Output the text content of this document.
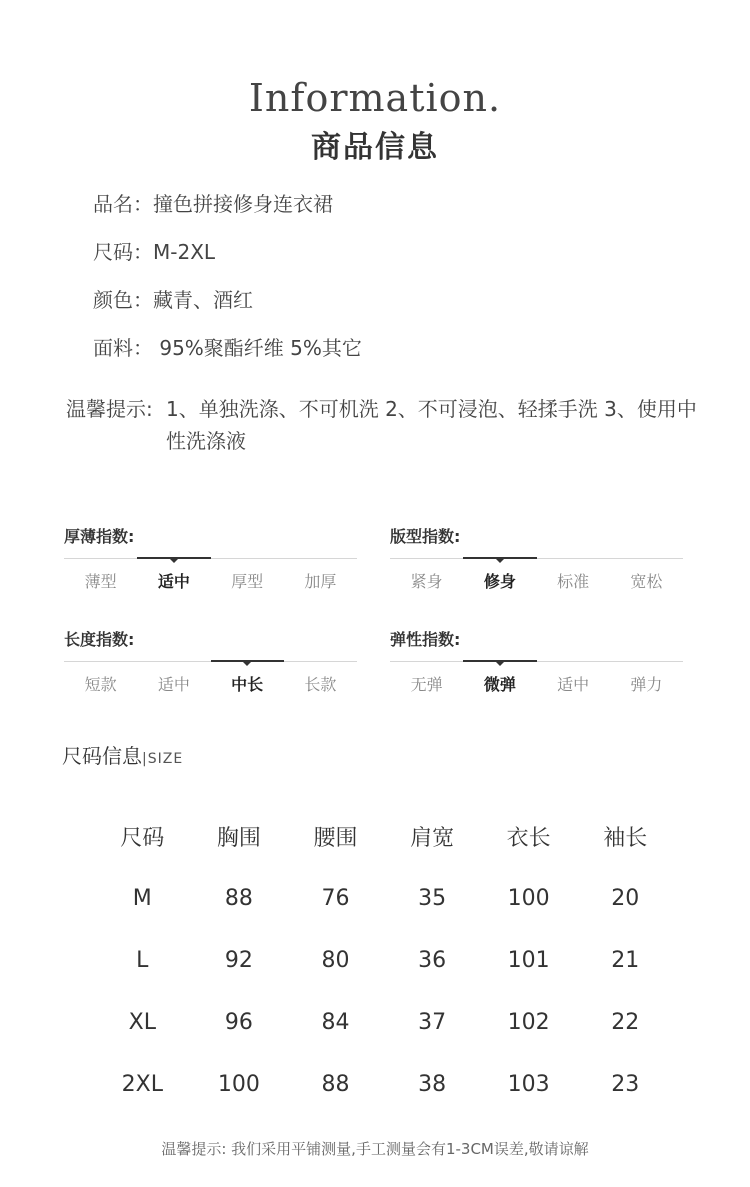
Information.
商品信息
品名：撞色拼接修身连衣裙
尺码：M-2XL
颜色：藏青、酒红
面料： 95%聚酯纤维 5%其它
温馨提示: 1、单独洗涤、不可机洗 2、不可浸泡、轻揉手洗 3、使用中性洗涤液
厚薄指数:
薄型	适中	厚型	加厚
版型指数:
紧身	修身	标准	宽松
长度指数:
短款	适中	中长	长款
弹性指数:
无弹	微弹	适中	弹力
尺码信息|SIZE
尺码	胸围	腰围	肩宽	衣长	袖长
M	88	76	35	100	20
L	92	80	36	101	21
XL	96	84	37	102	22
2XL	100	88	38	103	23
温馨提示: 我们采用平铺测量,手工测量会有1-3CM误差,敬请谅解
